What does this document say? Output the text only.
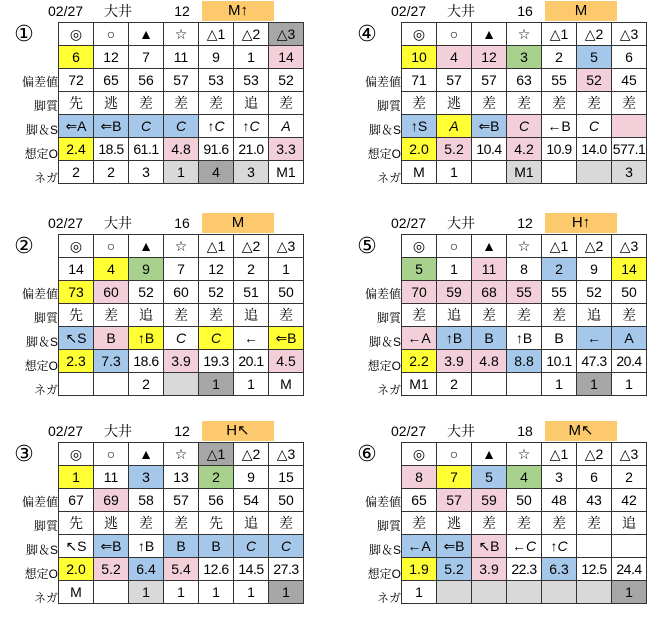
02/27 大井	M↑
12
①
偏差値
脚質
脚＆S
想定O
ネガ
◎	○	▲	☆	△1	△2	△3
6	12	7	11	9	1	14
72	65	56	57	53	53	52
先	逃	差	差	差	追	差
⇐A	⇐B	C	C	↑C	↑C	A
2.4	18.5	61.1	4.8	91.6	21.0	3.3
2	2	3	1	4	3	M1
02/27 大井	M
16
④
偏差値
脚質
脚＆S
想定O
ネガ
◎	○	▲	☆	△1	△2	△3
10	4	12	3	2	5	6
71	57	57	63	55	52	45
差	逃	差	差	差	差	差
↑S	A	⇐B	C	←B	C	
2.0	5.2	10.4	4.2	10.9	14.0	577.1
M	1		M1			3
02/27 大井	M
16
②
偏差値
脚質
脚＆S
想定O
ネガ
◎	○	▲	☆	△1	△2	△3
14	4	9	7	12	2	1
73	60	52	60	52	51	50
先	差	追	差	差	追	差
↖S	B	↑B	C	C	←	⇐B
2.3	7.3	18.6	3.9	19.3	20.1	4.5
		2		1	1	M
02/27 大井	H↑
12
⑤
偏差値
脚質
脚＆S
想定O
ネガ
◎	○	▲	☆	△1	△2	△3
5	1	11	8	2	9	14
70	59	68	55	55	52	50
差	追	差	差	差	追	差
←A	↑B	B	↑B	B	←	A
2.2	3.9	4.8	8.8	10.1	47.3	20.4
M1	2			1	1	1
02/27 大井	H↖
12
③
偏差値
脚質
脚＆S
想定O
ネガ
◎	○	▲	☆	△1	△2	△3
1	11	3	13	2	9	15
67	69	58	57	56	54	50
先	逃	差	差	先	追	差
↖S	⇐B	↑B	B	B	C	C
2.0	5.2	6.4	5.4	12.6	14.5	27.3
M		1	1	1	1	1
02/27 大井	M↖
18
⑥
偏差値
脚質
脚＆S
想定O
ネガ
◎	○	▲	☆	△1	△2	△3
8	7	5	4	3	6	2
65	57	59	50	48	43	42
差	逃	差	差	差	差	追
←A	⇐B	↖B	←C	↑C		
1.9	5.2	3.9	22.3	6.3	12.5	24.4
1						1
